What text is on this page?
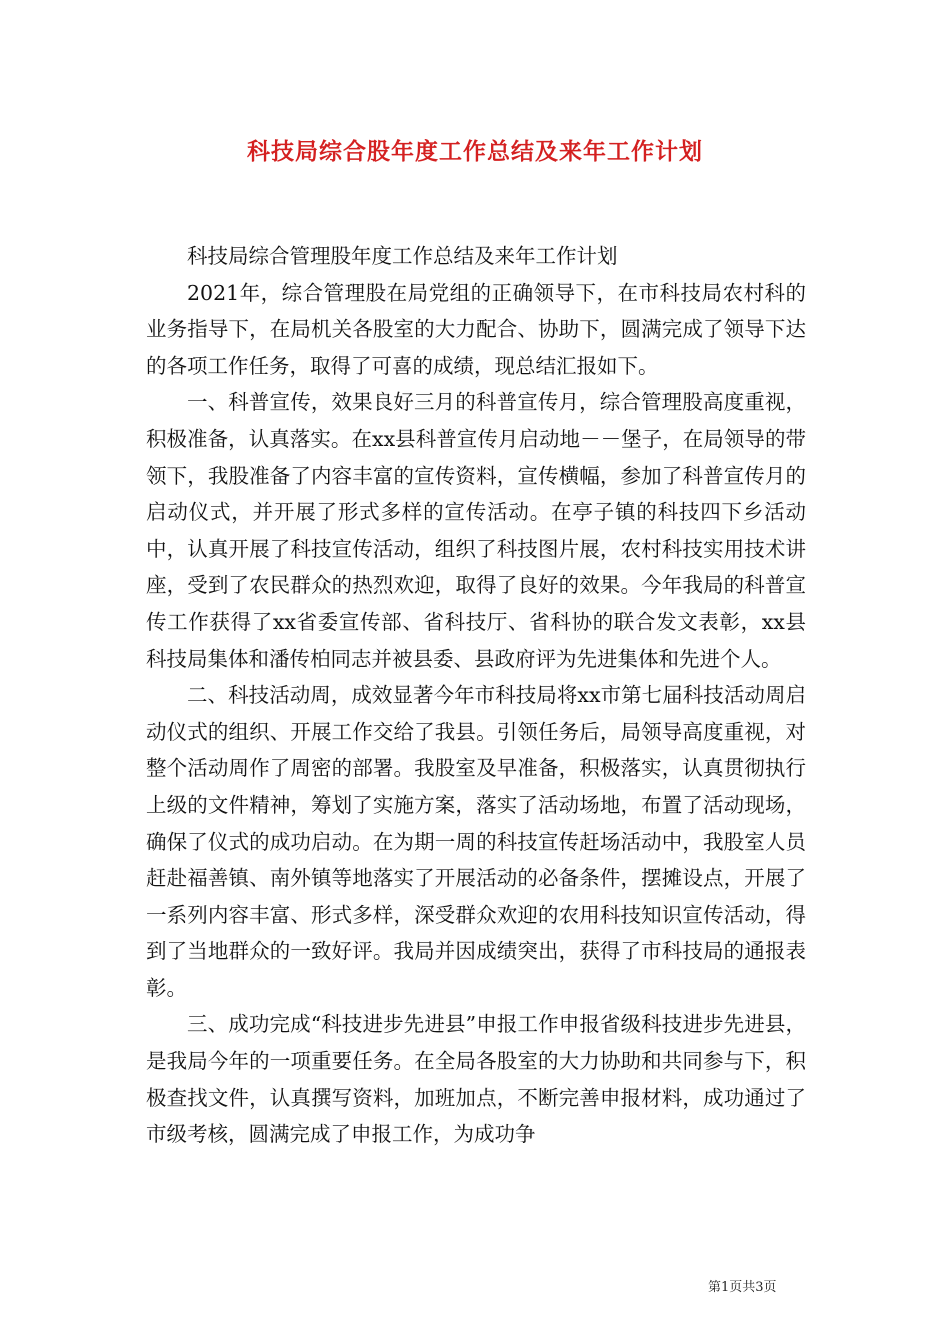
科技局综合股年度工作总结及来年工作计划

科技局综合管理股年度工作总结及来年工作计划

2021年，综合管理股在局党组的正确领导下，在市科技局农村科的业务指导下，在局机关各股室的大力配合、协助下，圆满完成了领导下达的各项工作任务，取得了可喜的成绩，现总结汇报如下。

一、科普宣传，效果良好三月的科普宣传月，综合管理股高度重视，积极准备，认真落实。在xx县科普宣传月启动地－－堡子，在局领导的带领下，我股准备了内容丰富的宣传资料，宣传横幅，参加了科普宣传月的启动仪式，并开展了形式多样的宣传活动。在亭子镇的科技四下乡活动中，认真开展了科技宣传活动，组织了科技图片展，农村科技实用技术讲座，受到了农民群众的热烈欢迎，取得了良好的效果。今年我局的科普宣传工作获得了xx省委宣传部、省科技厅、省科协的联合发文表彰，xx县科技局集体和潘传柏同志并被县委、县政府评为先进集体和先进个人。

二、科技活动周，成效显著今年市科技局将xx市第七届科技活动周启动仪式的组织、开展工作交给了我县。引领任务后，局领导高度重视，对整个活动周作了周密的部署。我股室及早准备，积极落实，认真贯彻执行上级的文件精神，筹划了实施方案，落实了活动场地，布置了活动现场，确保了仪式的成功启动。在为期一周的科技宣传赶场活动中，我股室人员赶赴福善镇、南外镇等地落实了开展活动的必备条件，摆摊设点，开展了一系列内容丰富、形式多样，深受群众欢迎的农用科技知识宣传活动，得到了当地群众的一致好评。我局并因成绩突出，获得了市科技局的通报表彰。

三、成功完成“科技进步先进县”申报工作申报省级科技进步先进县，是我局今年的一项重要任务。在全局各股室的大力协助和共同参与下，积极查找文件，认真撰写资料，加班加点，不断完善申报材料，成功通过了市级考核，圆满完成了申报工作，为成功争

第1页共3页
